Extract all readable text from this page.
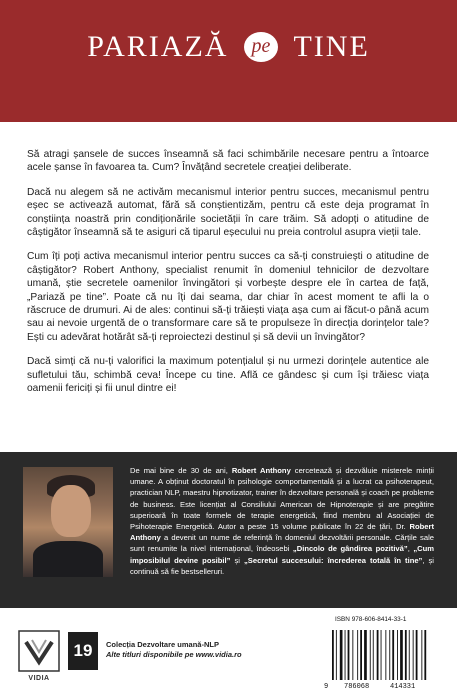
PARIAZĂ pe TINE

Să atragi șansele de succes înseamnă să faci schimbările necesare pentru a întoarce acele șanse în favoarea ta. Cum? Învățând secretele creației deliberate.

Dacă nu alegem să ne activăm mecanismul interior pentru succes, mecanismul pentru eșec se activează automat, fără să conștientizăm, pentru că este deja programat în conștiința noastră prin condiționările societății în care trăim. Să adopți o atitudine de câștigător înseamnă să te asiguri că tiparul eșecului nu preia controlul asupra vieții tale.

Cum îți poți activa mecanismul interior pentru succes ca să-ți construiești o atitudine de câștigător? Robert Anthony, specialist renumit în domeniul tehnicilor de dezvoltare umană, știe secretele oamenilor învingători și vorbește despre ele în cartea de față, „Pariază pe tine”. Poate că nu îți dai seama, dar chiar în acest moment te afli la o răscruce de drumuri. Ai de ales: continui să-ți trăiești viața așa cum ai făcut-o până acum sau ai nevoie urgentă de o transformare care să te propulseze în direcția dorințelor tale? Ești cu adevărat hotărât să-ți reproiectezi destinul și să devii un învingător?

Dacă simți că nu-ți valorifici la maximum potențialul și nu urmezi dorințele autentice ale sufletului tău, schimbă ceva! Începe cu tine. Află ce gândesc și cum își trăiesc viața oamenii fericiți și fii unul dintre ei!

De mai bine de 30 de ani, Robert Anthony cercetează și dezvăluie misterele minții umane. A obținut doctoratul în psihologie comportamentală și a lucrat ca psihoterapeut, practician NLP, maestru hipnotizator, trainer în dezvoltare personală și coach pe probleme de business. Este licențiat al Consiliului American de Hipnoterapie și are pregătire superioară în toate formele de terapie energetică, fiind membru al Asociației de Psihoterapie Energetică. Autor a peste 15 volume publicate în 22 de țări, Dr. Robert Anthony a devenit un nume de referință în domeniul dezvoltării personale. Cărțile sale sunt renumite la nivel internațional, îndeosebi „Dincolo de gândirea pozitivă”, „Cum imposibilul devine posibil” și „Secretul succesului: încrederea totală în tine”, și continuă să fie bestselleruri.
VIDIA
19	Colecția Dezvoltare umană-NLP
Alte titluri disponibile pe www.vidia.ro
ISBN 978-606-8414-33-1
9 786068	414331
